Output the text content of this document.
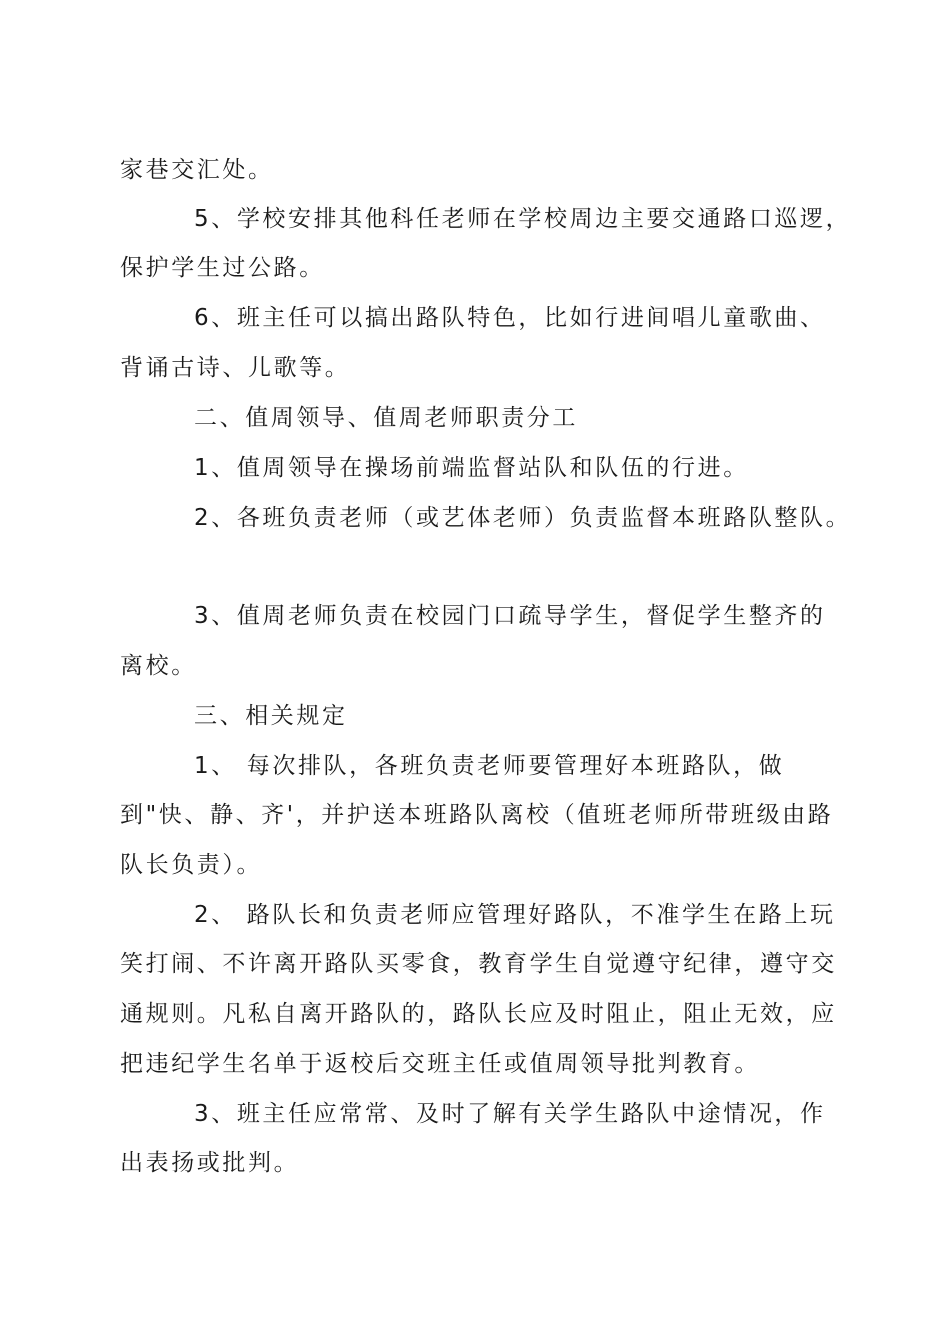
家巷交汇处。
5、学校安排其他科任老师在学校周边主要交通路口巡逻，
保护学生过公路。
6、班主任可以搞出路队特色，比如行进间唱儿童歌曲、
背诵古诗、儿歌等。
二、值周领导、值周老师职责分工
1、值周领导在操场前端监督站队和队伍的行进。
2、各班负责老师（或艺体老师）负责监督本班路队整队。
3、值周老师负责在校园门口疏导学生，督促学生整齐的
离校。
三、相关规定
1、 每次排队，各班负责老师要管理好本班路队，做
到"快、静、齐'，并护送本班路队离校（值班老师所带班级由路
队长负责）。
2、 路队长和负责老师应管理好路队，不准学生在路上玩
笑打闹、不许离开路队买零食，教育学生自觉遵守纪律，遵守交
通规则。凡私自离开路队的，路队长应及时阻止，阻止无效，应
把违纪学生名单于返校后交班主任或值周领导批判教育。
3、班主任应常常、及时了解有关学生路队中途情况，作
出表扬或批判。
